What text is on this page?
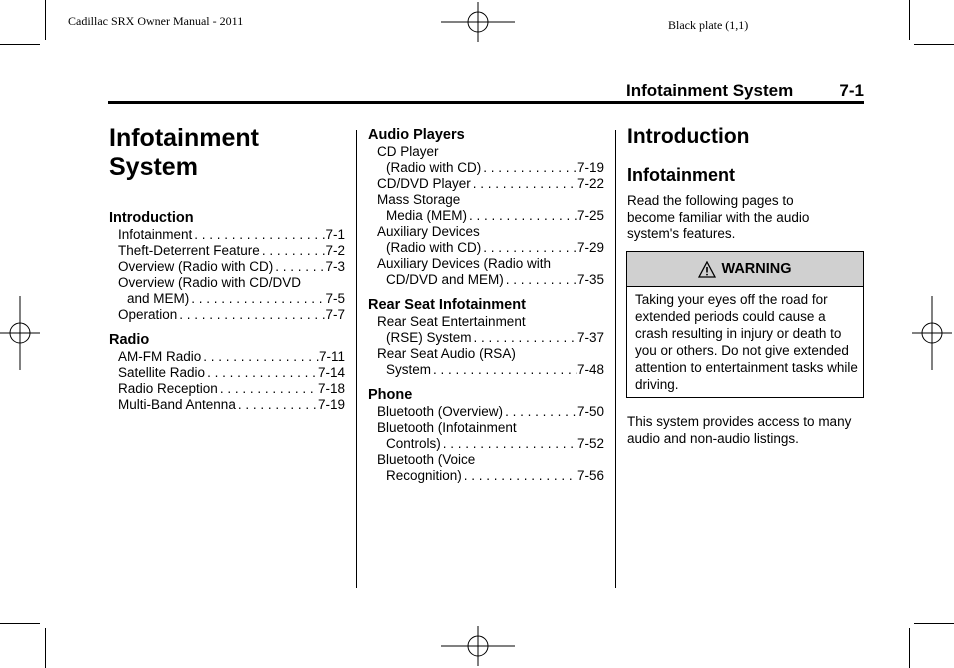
Cadillac SRX Owner Manual - 2011	Black plate (1,1)
Infotainment System	7-1
Infotainment System
Introduction
Infotainment . . .	7-1
Theft-Deterrent Feature . . .	7-2
Overview (Radio with CD) . . .	7-3
Overview (Radio with CD/DVD
and MEM) . . .	7-5
Operation . . .	7-7
Radio
AM-FM Radio . . .	7-11
Satellite Radio . . .	7-14
Radio Reception . . .	7-18
Multi-Band Antenna . . .	7-19
Audio Players
CD Player
(Radio with CD) . . .	7-19
CD/DVD Player . . .	7-22
Mass Storage
Media (MEM) . . .	7-25
Auxiliary Devices
(Radio with CD) . . .	7-29
Auxiliary Devices (Radio with
CD/DVD and MEM) . . .	7-35
Rear Seat Infotainment
Rear Seat Entertainment
(RSE) System . . .	7-37
Rear Seat Audio (RSA)
System . . .	7-48
Phone
Bluetooth (Overview) . . .	7-50
Bluetooth (Infotainment
Controls) . . .	7-52
Bluetooth (Voice
Recognition) . . .	7-56
Introduction
Infotainment
Read the following pages to become familiar with the audio system's features.
WARNING
Taking your eyes off the road for extended periods could cause a crash resulting in injury or death to you or others. Do not give extended attention to entertainment tasks while driving.
This system provides access to many audio and non-audio listings.
